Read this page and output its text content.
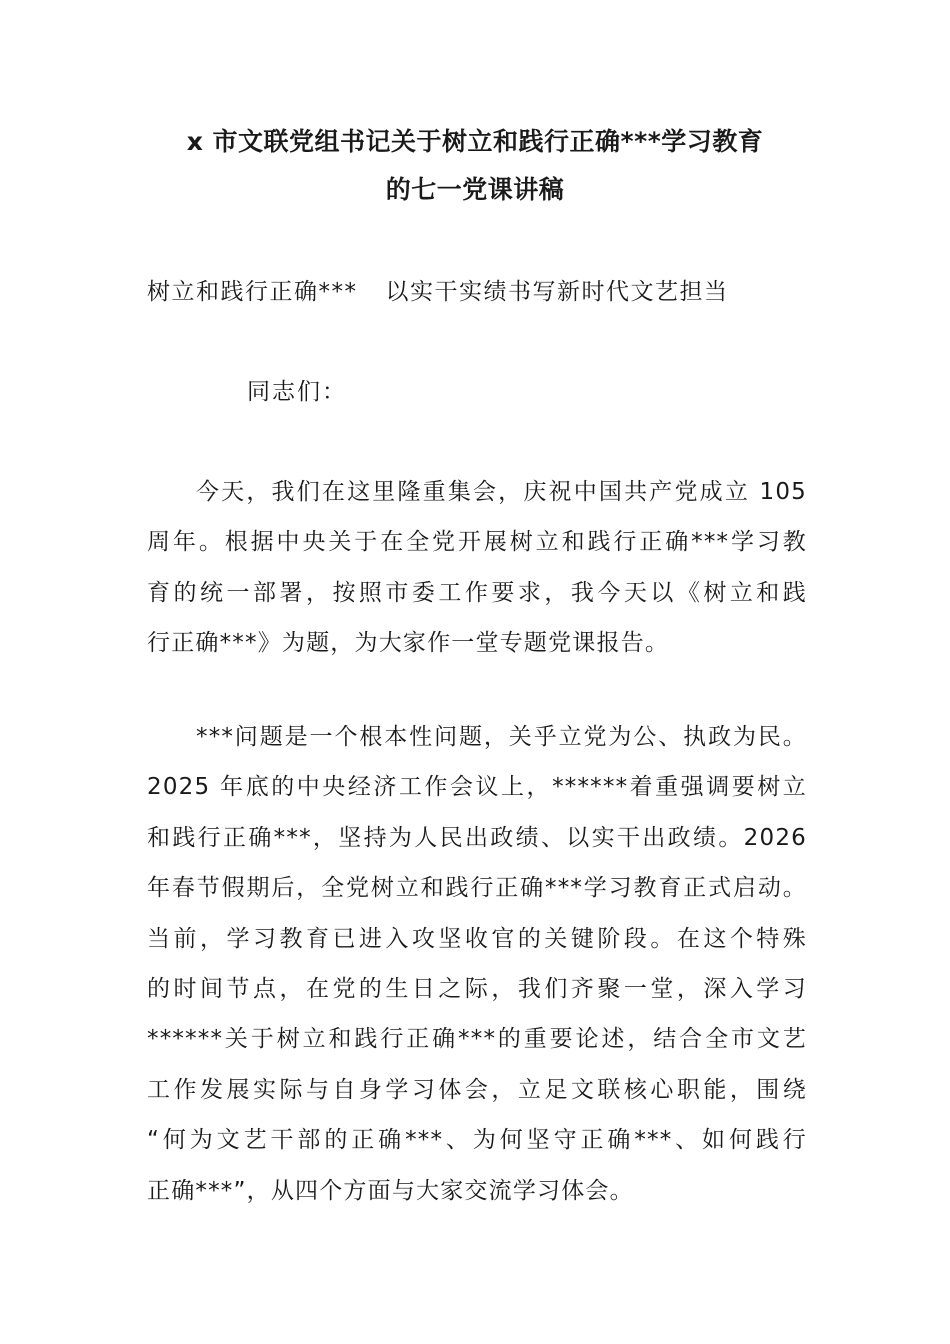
x 市文联党组书记关于树立和践行正确***学习教育
的七一党课讲稿
树立和践行正确*** 以实干实绩书写新时代文艺担当
同志们：
今天，我们在这里隆重集会，庆祝中国共产党成立 105
周年。根据中央关于在全党开展树立和践行正确***学习教
育的统一部署，按照市委工作要求，我今天以《树立和践
行正确***》为题，为大家作一堂专题党课报告。
***问题是一个根本性问题，关乎立党为公、执政为民。
2025 年底的中央经济工作会议上，******着重强调要树立
和践行正确***，坚持为人民出政绩、以实干出政绩。2026
年春节假期后，全党树立和践行正确***学习教育正式启动。
当前，学习教育已进入攻坚收官的关键阶段。在这个特殊
的时间节点，在党的生日之际，我们齐聚一堂，深入学习
******关于树立和践行正确***的重要论述，结合全市文艺
工作发展实际与自身学习体会，立足文联核心职能，围绕
“何为文艺干部的正确***、为何坚守正确***、如何践行
正确***”，从四个方面与大家交流学习体会。
